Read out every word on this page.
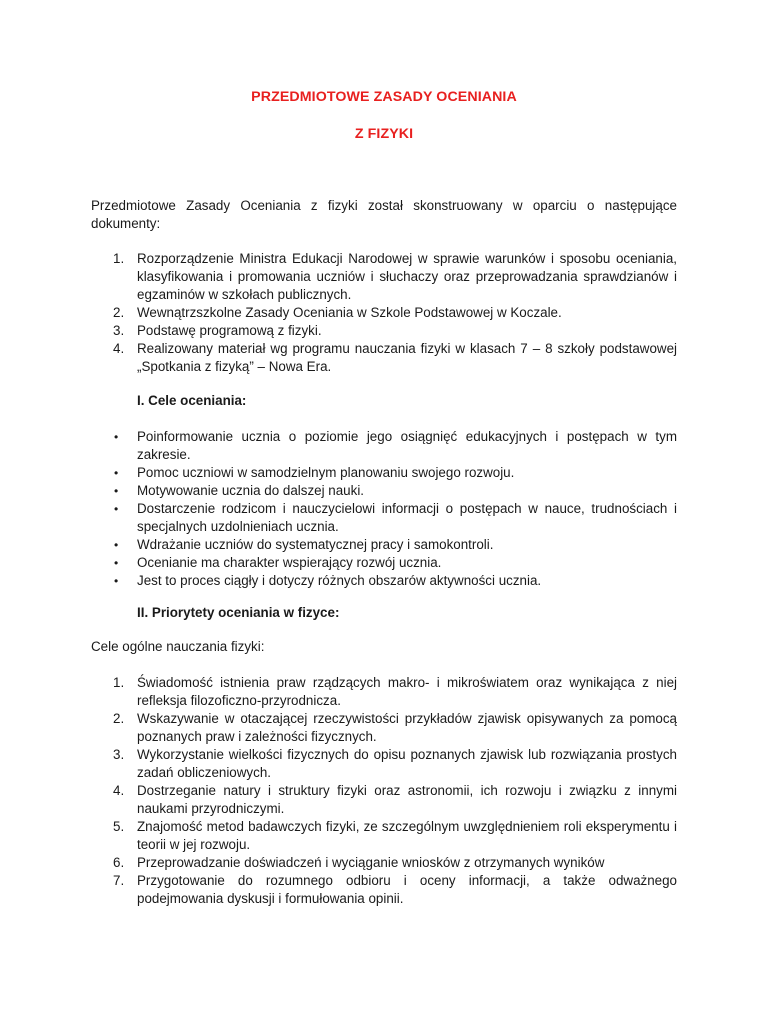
PRZEDMIOTOWE ZASADY OCENIANIA
Z FIZYKI

Przedmiotowe Zasady Oceniania z fizyki został skonstruowany w oparciu o następujące dokumenty:

1. Rozporządzenie Ministra Edukacji Narodowej w sprawie warunków i sposobu oceniania, klasyfikowania i promowania uczniów i słuchaczy oraz przeprowadzania sprawdzianów i egzaminów w szkołach publicznych.
2. Wewnątrzszkolne Zasady Oceniania w Szkole Podstawowej w Koczale.
3. Podstawę programową z fizyki.
4. Realizowany materiał wg programu nauczania fizyki w klasach 7 – 8 szkoły podstawowej „Spotkania z fizyką” – Nowa Era.

I. Cele oceniania:

• Poinformowanie ucznia o poziomie jego osiągnięć edukacyjnych i postępach w tym zakresie.
• Pomoc uczniowi w samodzielnym planowaniu swojego rozwoju.
• Motywowanie ucznia do dalszej nauki.
• Dostarczenie rodzicom i nauczycielowi informacji o postępach w nauce, trudnościach i specjalnych uzdolnieniach ucznia.
• Wdrażanie uczniów do systematycznej pracy i samokontroli.
• Ocenianie ma charakter wspierający rozwój ucznia.
• Jest to proces ciągły i dotyczy różnych obszarów aktywności ucznia.

II. Priorytety oceniania w fizyce:

Cele ogólne nauczania fizyki:

1. Świadomość istnienia praw rządzących makro- i mikroświatem oraz wynikająca z niej refleksja filozoficzno-przyrodnicza.
2. Wskazywanie w otaczającej rzeczywistości przykładów zjawisk opisywanych za pomocą poznanych praw i zależności fizycznych.
3. Wykorzystanie wielkości fizycznych do opisu poznanych zjawisk lub rozwiązania prostych zadań obliczeniowych.
4. Dostrzeganie natury i struktury fizyki oraz astronomii, ich rozwoju i związku z innymi naukami przyrodniczymi.
5. Znajomość metod badawczych fizyki, ze szczególnym uwzględnieniem roli eksperymentu i teorii w jej rozwoju.
6. Przeprowadzanie doświadczeń i wyciąganie wniosków z otrzymanych wyników
7. Przygotowanie do rozumnego odbioru i oceny informacji, a także odważnego podejmowania dyskusji i formułowania opinii.
